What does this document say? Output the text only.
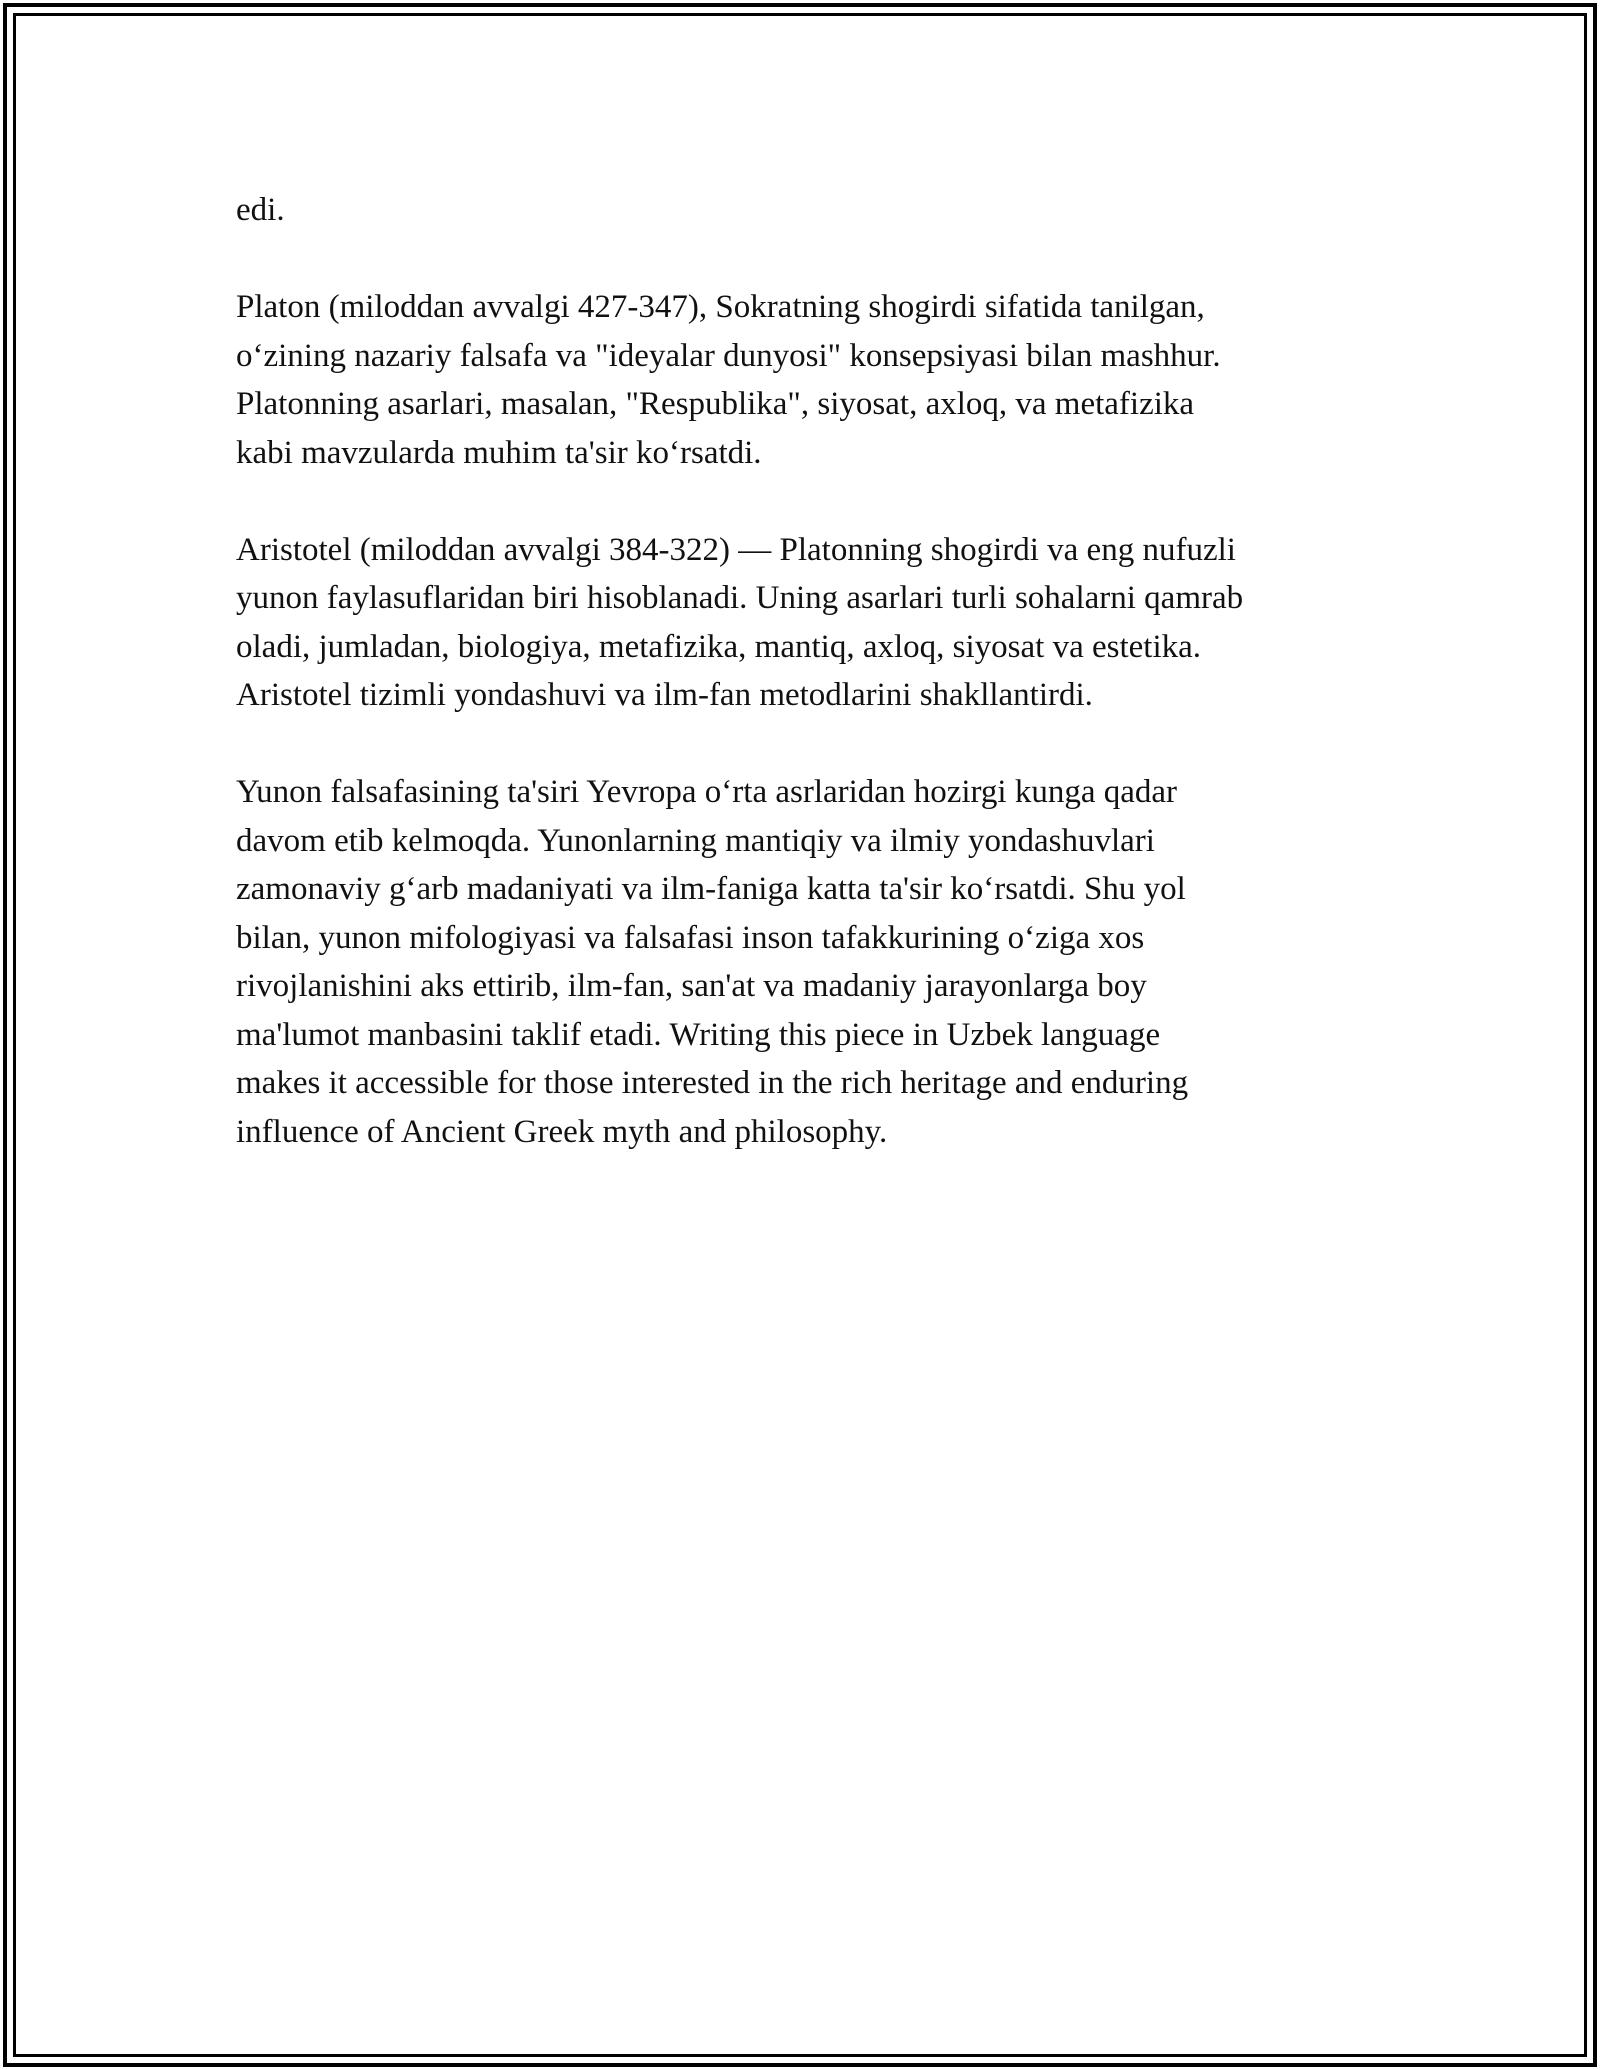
edi.

Platon (miloddan avvalgi 427-347), Sokratning shogirdi sifatida tanilgan,
o‘zining nazariy falsafa va "ideyalar dunyosi" konsepsiyasi bilan mashhur.
Platonning asarlari, masalan, "Respublika", siyosat, axloq, va metafizika
kabi mavzularda muhim ta'sir ko‘rsatdi.

Aristotel (miloddan avvalgi 384-322) — Platonning shogirdi va eng nufuzli
yunon faylasuflaridan biri hisoblanadi. Uning asarlari turli sohalarni qamrab
oladi, jumladan, biologiya, metafizika, mantiq, axloq, siyosat va estetika.
Aristotel tizimli yondashuvi va ilm-fan metodlarini shakllantirdi.

Yunon falsafasining ta'siri Yevropa o‘rta asrlaridan hozirgi kunga qadar
davom etib kelmoqda. Yunonlarning mantiqiy va ilmiy yondashuvlari
zamonaviy g‘arb madaniyati va ilm-faniga katta ta'sir ko‘rsatdi. Shu yol
bilan, yunon mifologiyasi va falsafasi inson tafakkurining o‘ziga xos
rivojlanishini aks ettirib, ilm-fan, san'at va madaniy jarayonlarga boy
ma'lumot manbasini taklif etadi. Writing this piece in Uzbek language
makes it accessible for those interested in the rich heritage and enduring
influence of Ancient Greek myth and philosophy.
